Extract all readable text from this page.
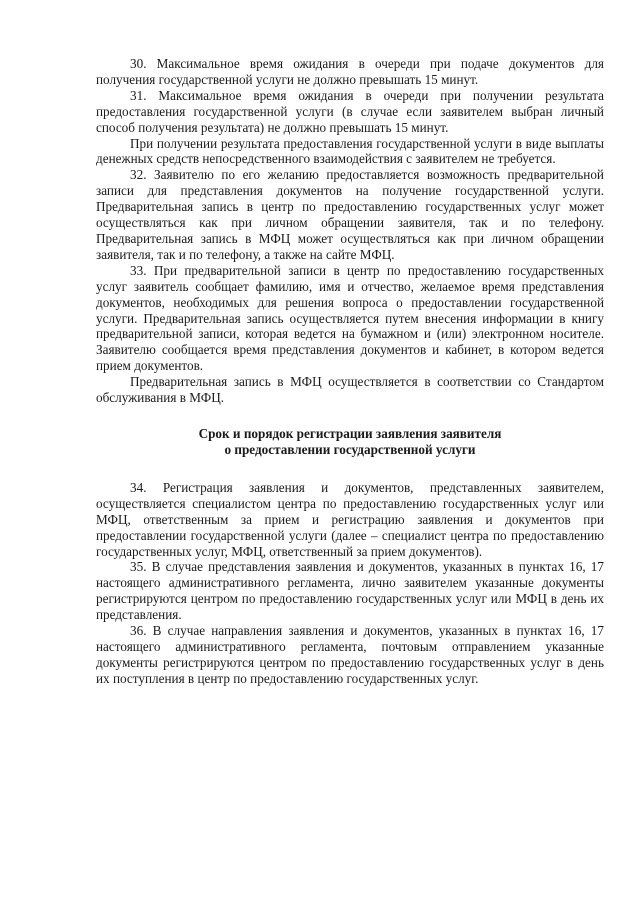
30. Максимальное время ожидания в очереди при подаче документов для получения государственной услуги не должно превышать 15 минут.

31. Максимальное время ожидания в очереди при получении результата предоставления государственной услуги (в случае если заявителем выбран личный способ получения результата) не должно превышать 15 минут.

При получении результата предоставления государственной услуги в виде выплаты денежных средств непосредственного взаимодействия с заявителем не требуется.

32. Заявителю по его желанию предоставляется возможность предварительной записи для представления документов на получение государственной услуги. Предварительная запись в центр по предоставлению государственных услуг может осуществляться как при личном обращении заявителя, так и по телефону. Предварительная запись в МФЦ может осуществляться как при личном обращении заявителя, так и по телефону, а также на сайте МФЦ.

33. При предварительной записи в центр по предоставлению государственных услуг заявитель сообщает фамилию, имя и отчество, желаемое время представления документов, необходимых для решения вопроса о предоставлении государственной услуги. Предварительная запись осуществляется путем внесения информации в книгу предварительной записи, которая ведется на бумажном и (или) электронном носителе. Заявителю сообщается время представления документов и кабинет, в котором ведется прием документов.

Предварительная запись в МФЦ осуществляется в соответствии со Стандартом обслуживания в МФЦ.

Срок и порядок регистрации заявления заявителя
о предоставлении государственной услуги

34. Регистрация заявления и документов, представленных заявителем, осуществляется специалистом центра по предоставлению государственных услуг или МФЦ, ответственным за прием и регистрацию заявления и документов при предоставлении государственной услуги (далее – специалист центра по предоставлению государственных услуг, МФЦ, ответственный за прием документов).

35. В случае представления заявления и документов, указанных в пунктах 16, 17 настоящего административного регламента, лично заявителем указанные документы регистрируются центром по предоставлению государственных услуг или МФЦ в день их представления.

36. В случае направления заявления и документов, указанных в пунктах 16, 17 настоящего административного регламента, почтовым отправлением указанные документы регистрируются центром по предоставлению государственных услуг в день их поступления в центр по предоставлению государственных услуг.
